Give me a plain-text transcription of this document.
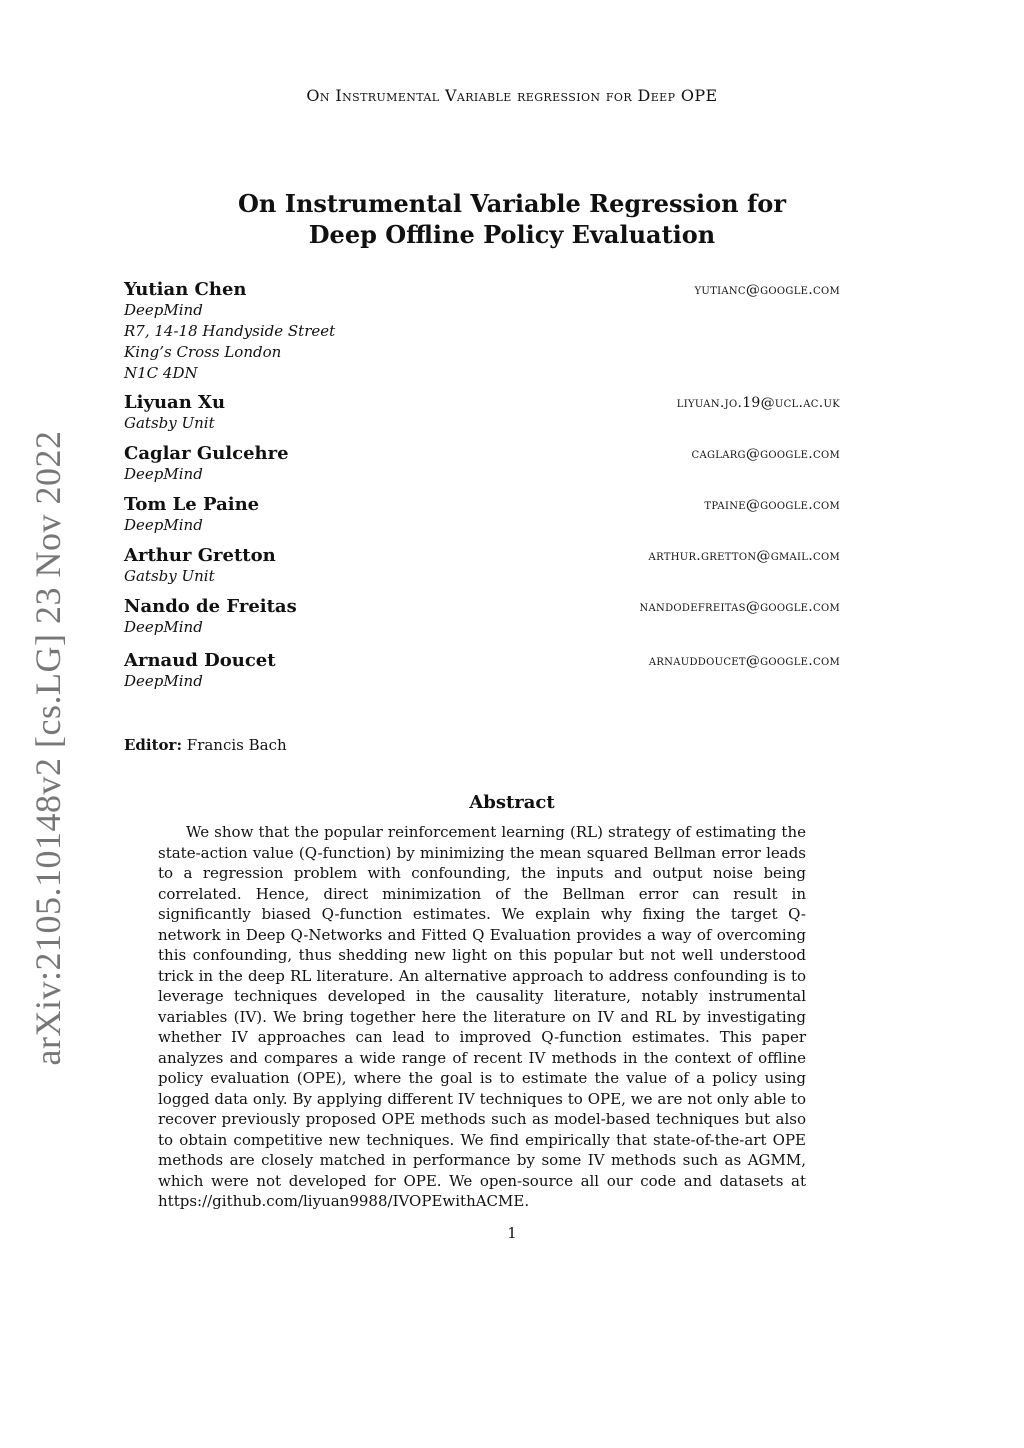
On Instrumental Variable regression for Deep OPE
On Instrumental Variable Regression for
Deep Offline Policy Evaluation
Yutian Chen	yutianc@google.com
DeepMind
R7, 14-18 Handyside Street
King’s Cross London
N1C 4DN
Liyuan Xu	liyuan.jo.19@ucl.ac.uk
Gatsby Unit
Caglar Gulcehre	caglarg@google.com
DeepMind
Tom Le Paine	tpaine@google.com
DeepMind
Arthur Gretton	arthur.gretton@gmail.com
Gatsby Unit
Nando de Freitas	nandodefreitas@google.com
DeepMind
Arnaud Doucet	arnauddoucet@google.com
DeepMind
Editor: Francis Bach
Abstract

We show that the popular reinforcement learning (RL) strategy of estimating the state-action value (Q-function) by minimizing the mean squared Bellman error leads to a regression problem with confounding, the inputs and output noise being correlated. Hence, direct minimization of the Bellman error can result in significantly biased Q-function estimates. We explain why fixing the target Q-network in Deep Q-Networks and Fitted Q Evaluation provides a way of overcoming this confounding, thus shedding new light on this popular but not well understood trick in the deep RL literature. An alternative approach to address confounding is to leverage techniques developed in the causality literature, notably instrumental variables (IV). We bring together here the literature on IV and RL by investigating whether IV approaches can lead to improved Q-function estimates. This paper analyzes and compares a wide range of recent IV methods in the context of offline policy evaluation (OPE), where the goal is to estimate the value of a policy using logged data only. By applying different IV techniques to OPE, we are not only able to recover previously proposed OPE methods such as model-based techniques but also to obtain competitive new techniques. We find empirically that state-of-the-art OPE methods are closely matched in performance by some IV methods such as AGMM, which were not developed for OPE. We open-source all our code and datasets at https://github.com/liyuan9988/IVOPEwithACME.

1
arXiv:2105.10148v2 [cs.LG] 23 Nov 2022
